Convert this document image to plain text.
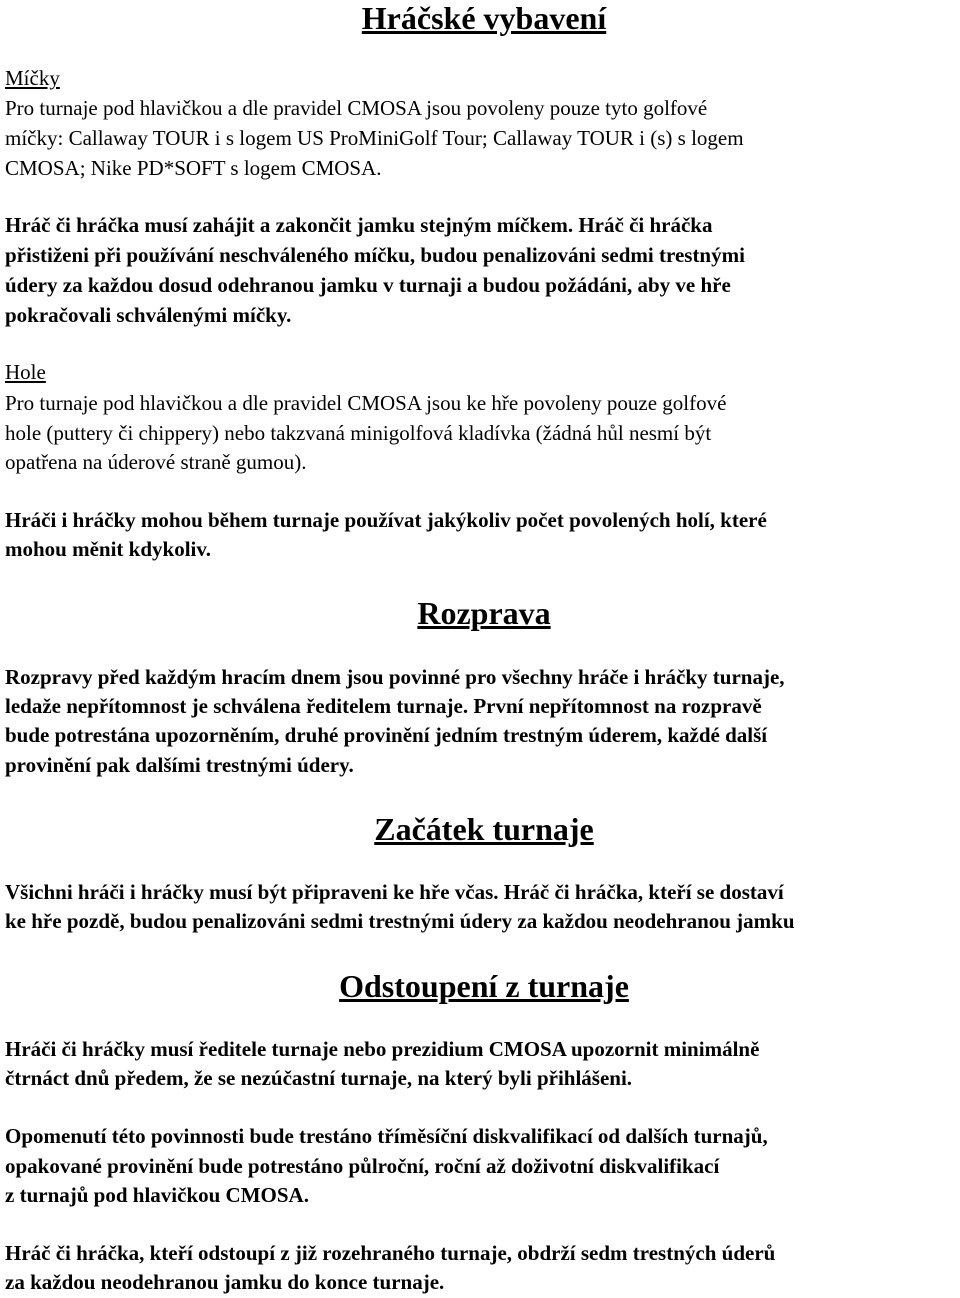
Hráčské vybavení
Míčky
Pro turnaje pod hlavičkou a dle pravidel CMOSA jsou povoleny pouze tyto golfové
míčky: Callaway TOUR i s logem US ProMiniGolf Tour; Callaway TOUR i (s) s logem
CMOSA; Nike PD*SOFT s logem CMOSA.
Hráč či hráčka musí zahájit a zakončit jamku stejným míčkem. Hráč či hráčka
přistiženi při používání neschváleného míčku, budou penalizováni sedmi trestnými
údery za každou dosud odehranou jamku v turnaji a budou požádáni, aby ve hře
pokračovali schválenými míčky.
Hole
Pro turnaje pod hlavičkou a dle pravidel CMOSA jsou ke hře povoleny pouze golfové
hole (puttery či chippery) nebo takzvaná minigolfová kladívka (žádná hůl nesmí být
opatřena na úderové straně gumou).
Hráči i hráčky mohou během turnaje používat jakýkoliv počet povolených holí, které
mohou měnit kdykoliv.
Rozprava
Rozpravy před každým hracím dnem jsou povinné pro všechny hráče i hráčky turnaje,
ledaže nepřítomnost je schválena ředitelem turnaje. První nepřítomnost na rozpravě
bude potrestána upozorněním, druhé provinění jedním trestným úderem, každé další
provinění pak dalšími trestnými údery.
Začátek turnaje
Všichni hráči i hráčky musí být připraveni ke hře včas. Hráč či hráčka, kteří se dostaví
ke hře pozdě, budou penalizováni sedmi trestnými údery za každou neodehranou jamku
Odstoupení z turnaje
Hráči či hráčky musí ředitele turnaje nebo prezidium CMOSA upozornit minimálně
čtrnáct dnů předem, že se nezúčastní turnaje, na který byli přihlášeni.
Opomenutí této povinnosti bude trestáno tříměsíční diskvalifikací od dalších turnajů,
opakované provinění bude potrestáno půlroční, roční až doživotní diskvalifikací
z turnajů pod hlavičkou CMOSA.
Hráč či hráčka, kteří odstoupí z již rozehraného turnaje, obdrží sedm trestných úderů
za každou neodehranou jamku do konce turnaje.
